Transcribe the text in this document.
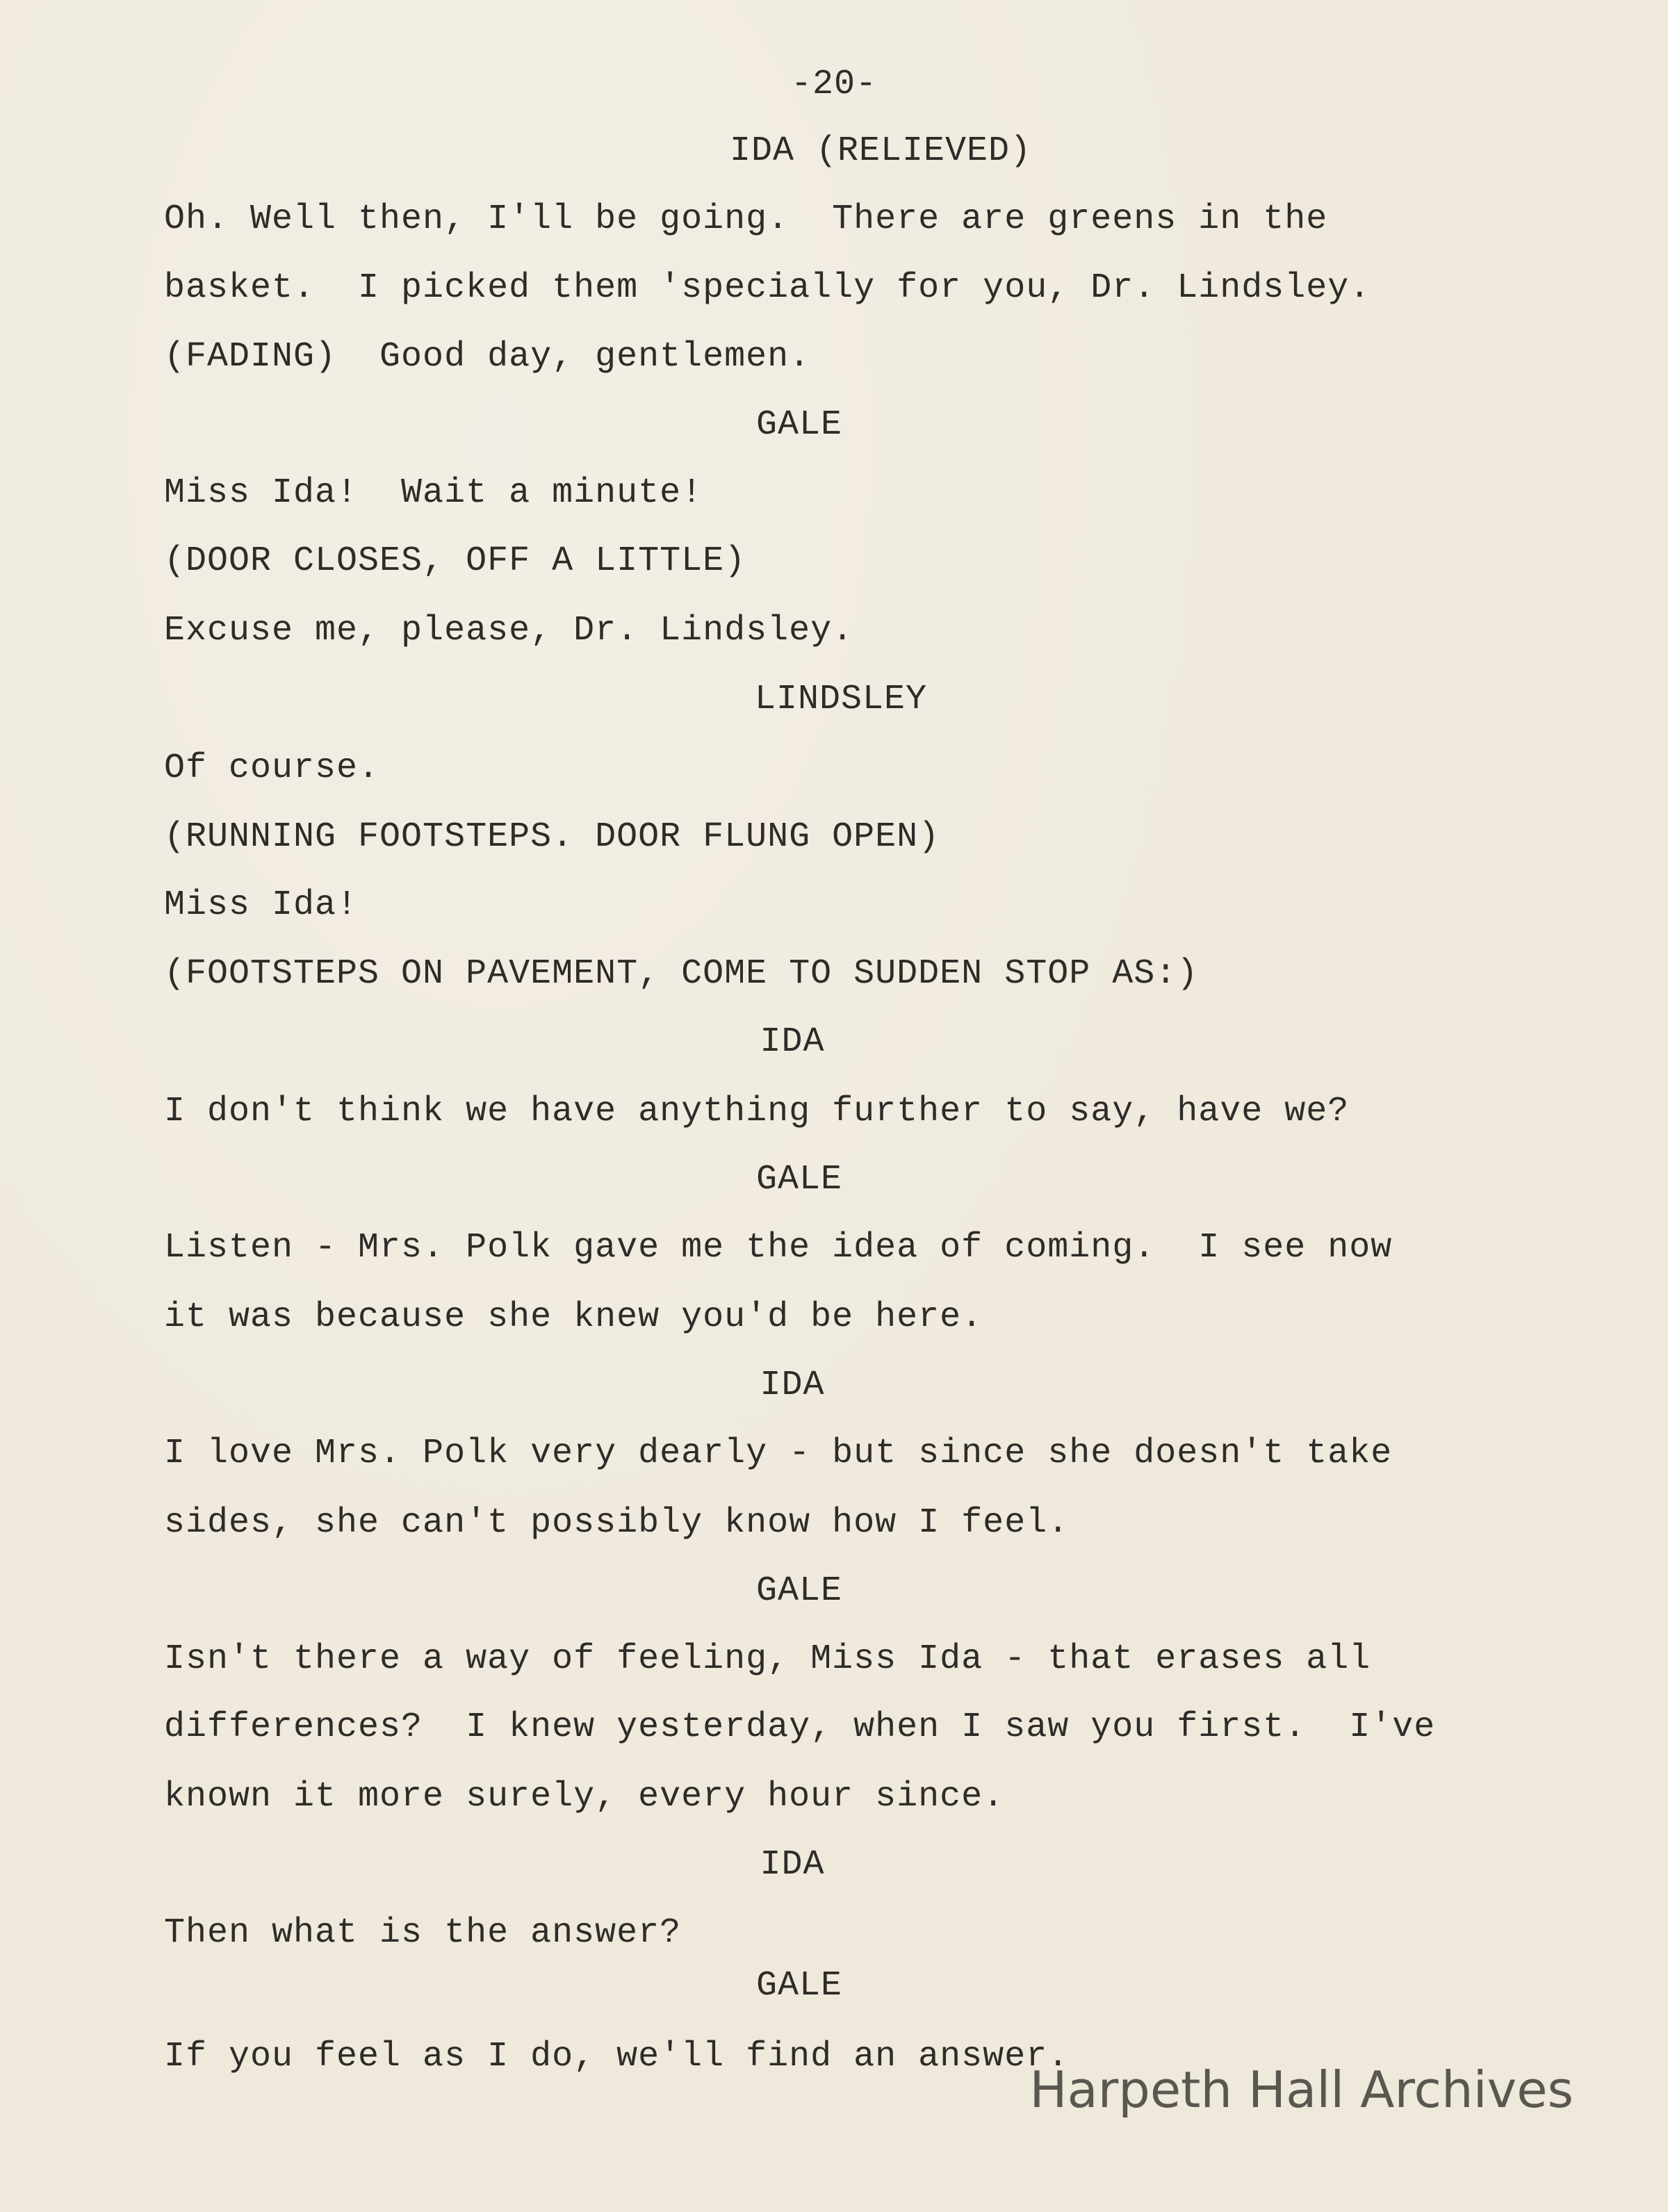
-20-
IDA (RELIEVED)
Oh. Well then, I'll be going.  There are greens in the
basket.  I picked them 'specially for you, Dr. Lindsley.
(FADING)  Good day, gentlemen.
GALE
Miss Ida!  Wait a minute!
(DOOR CLOSES, OFF A LITTLE)
Excuse me, please, Dr. Lindsley.
LINDSLEY
Of course.
(RUNNING FOOTSTEPS. DOOR FLUNG OPEN)
Miss Ida!
(FOOTSTEPS ON PAVEMENT, COME TO SUDDEN STOP AS:)
IDA
I don't think we have anything further to say, have we?
GALE
Listen - Mrs. Polk gave me the idea of coming.  I see now
it was because she knew you'd be here.
IDA
I love Mrs. Polk very dearly - but since she doesn't take
sides, she can't possibly know how I feel.
GALE
Isn't there a way of feeling, Miss Ida - that erases all
differences?  I knew yesterday, when I saw you first.  I've
known it more surely, every hour since.
IDA
Then what is the answer?
GALE
If you feel as I do, we'll find an answer.
Harpeth Hall Archives
